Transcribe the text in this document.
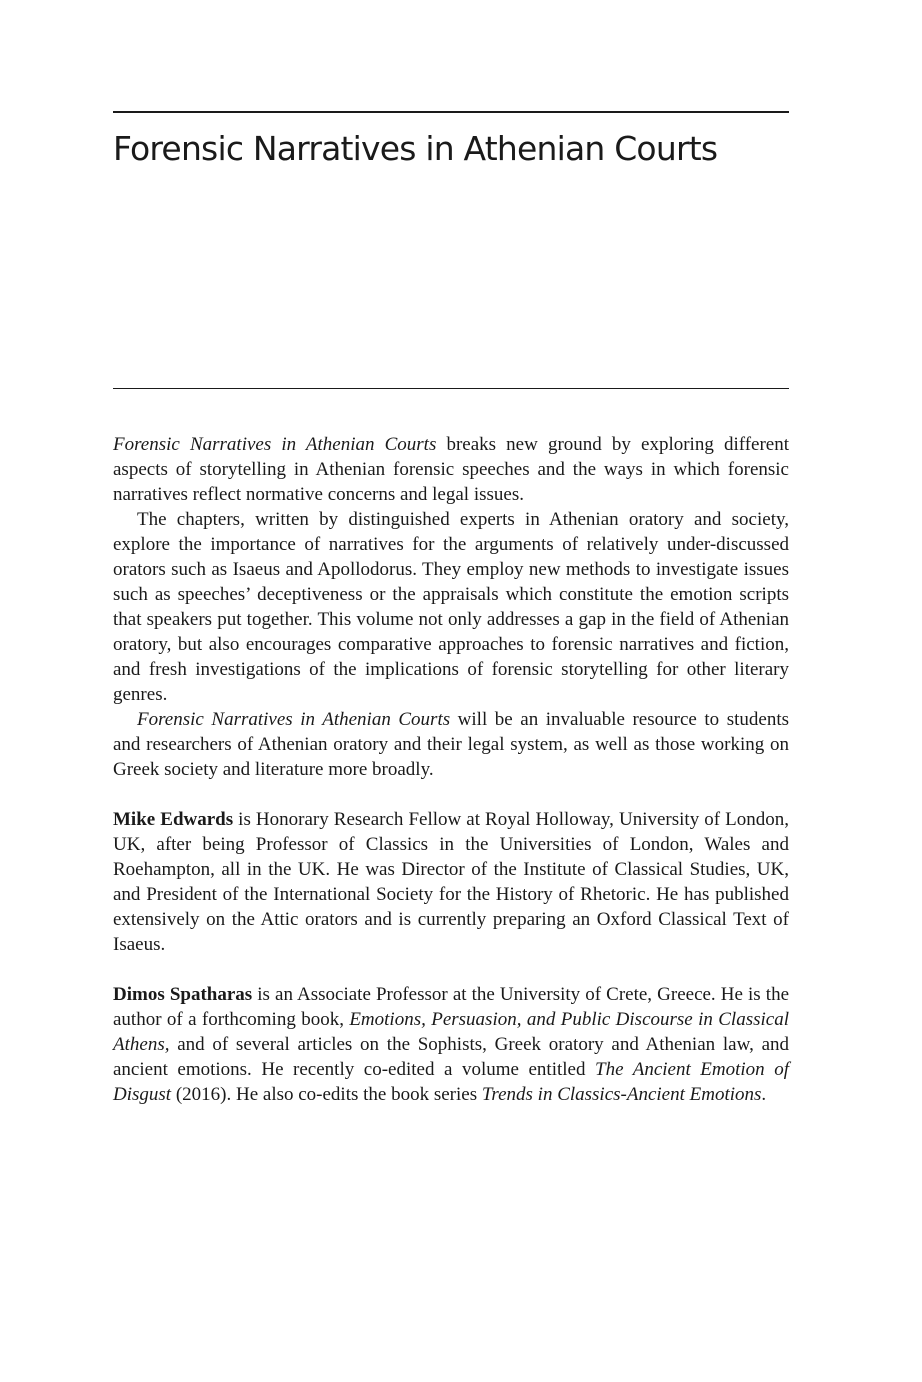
Forensic Narratives in Athenian Courts

Forensic Narratives in Athenian Courts breaks new ground by exploring different aspects of storytelling in Athenian forensic speeches and the ways in which forensic narratives reflect normative concerns and legal issues.

The chapters, written by distinguished experts in Athenian oratory and society, explore the importance of narratives for the arguments of relatively under-discussed orators such as Isaeus and Apollodorus. They employ new methods to investigate issues such as speeches’ deceptiveness or the appraisals which constitute the emotion scripts that speakers put together. This volume not only addresses a gap in the field of Athenian oratory, but also encourages comparative approaches to forensic narratives and fiction, and fresh investigations of the implications of forensic storytelling for other literary genres.

Forensic Narratives in Athenian Courts will be an invaluable resource to students and researchers of Athenian oratory and their legal system, as well as those working on Greek society and literature more broadly.

Mike Edwards is Honorary Research Fellow at Royal Holloway, University of London, UK, after being Professor of Classics in the Universities of London, Wales and Roehampton, all in the UK. He was Director of the Institute of Classical Studies, UK, and President of the International Society for the History of Rhetoric. He has published extensively on the Attic orators and is currently preparing an Oxford Classical Text of Isaeus.

Dimos Spatharas is an Associate Professor at the University of Crete, Greece. He is the author of a forthcoming book, Emotions, Persuasion, and Public Discourse in Classical Athens, and of several articles on the Sophists, Greek oratory and Athenian law, and ancient emotions. He recently co-edited a volume entitled The Ancient Emotion of Disgust (2016). He also co-edits the book series Trends in Classics-Ancient Emotions.
